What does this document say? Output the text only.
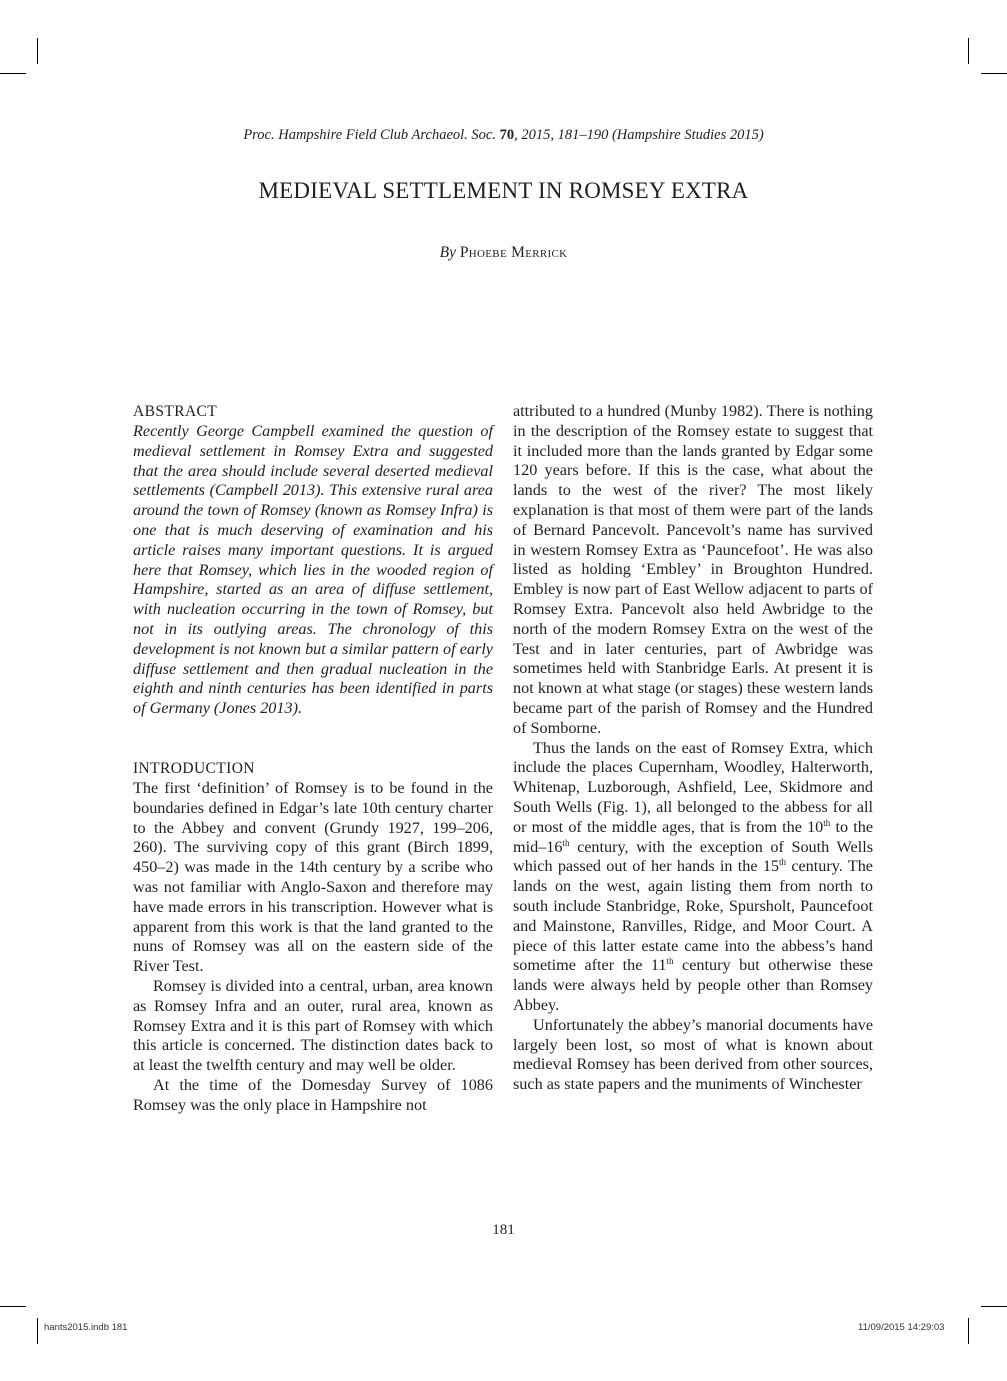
Proc. Hampshire Field Club Archaeol. Soc. 70, 2015, 181–190 (Hampshire Studies 2015)
MEDIEVAL SETTLEMENT IN ROMSEY EXTRA
By Phoebe Merrick

ABSTRACT

Recently George Campbell examined the question of medieval settlement in Romsey Extra and suggested that the area should include several deserted medieval settlements (Campbell 2013). This extensive rural area around the town of Romsey (known as Romsey Infra) is one that is much deserving of examination and his article raises many important questions. It is argued here that Romsey, which lies in the wooded region of Hampshire, started as an area of diffuse settlement, with nucleation occurring in the town of Romsey, but not in its outlying areas. The chronology of this development is not known but a similar pattern of early diffuse settlement and then gradual nucleation in the eighth and ninth centuries has been identified in parts of Germany (Jones 2013).

INTRODUCTION

The first ‘definition’ of Romsey is to be found in the boundaries defined in Edgar’s late 10th century charter to the Abbey and convent (Grundy 1927, 199–206, 260). The surviving copy of this grant (Birch 1899, 450–2) was made in the 14th century by a scribe who was not familiar with Anglo-Saxon and therefore may have made errors in his transcription. However what is apparent from this work is that the land granted to the nuns of Romsey was all on the eastern side of the River Test.

Romsey is divided into a central, urban, area known as Romsey Infra and an outer, rural area, known as Romsey Extra and it is this part of Romsey with which this article is concerned. The distinction dates back to at least the twelfth century and may well be older.

At the time of the Domesday Survey of 1086 Romsey was the only place in Hampshire not

attributed to a hundred (Munby 1982). There is nothing in the description of the Romsey estate to suggest that it included more than the lands granted by Edgar some 120 years before. If this is the case, what about the lands to the west of the river? The most likely explanation is that most of them were part of the lands of Bernard Pancevolt. Pancevolt’s name has survived in western Romsey Extra as ‘Pauncefoot’. He was also listed as holding ‘Embley’ in Broughton Hundred. Embley is now part of East Wellow adjacent to parts of Romsey Extra. Pancevolt also held Awbridge to the north of the modern Romsey Extra on the west of the Test and in later centuries, part of Awbridge was sometimes held with Stanbridge Earls. At present it is not known at what stage (or stages) these western lands became part of the parish of Romsey and the Hundred of Somborne.

Thus the lands on the east of Romsey Extra, which include the places Cupernham, Woodley, Halterworth, Whitenap, Luzborough, Ashfield, Lee, Skidmore and South Wells (Fig. 1), all belonged to the abbess for all or most of the middle ages, that is from the 10th to the mid–16th century, with the exception of South Wells which passed out of her hands in the 15th century. The lands on the west, again listing them from north to south include Stanbridge, Roke, Spursholt, Pauncefoot and Mainstone, Ranvilles, Ridge, and Moor Court. A piece of this latter estate came into the abbess’s hand sometime after the 11th century but otherwise these lands were always held by people other than Romsey Abbey.

Unfortunately the abbey’s manorial documents have largely been lost, so most of what is known about medieval Romsey has been derived from other sources, such as state papers and the muniments of Winchester

181
hants2015.indb 181	11/09/2015 14:29:03
